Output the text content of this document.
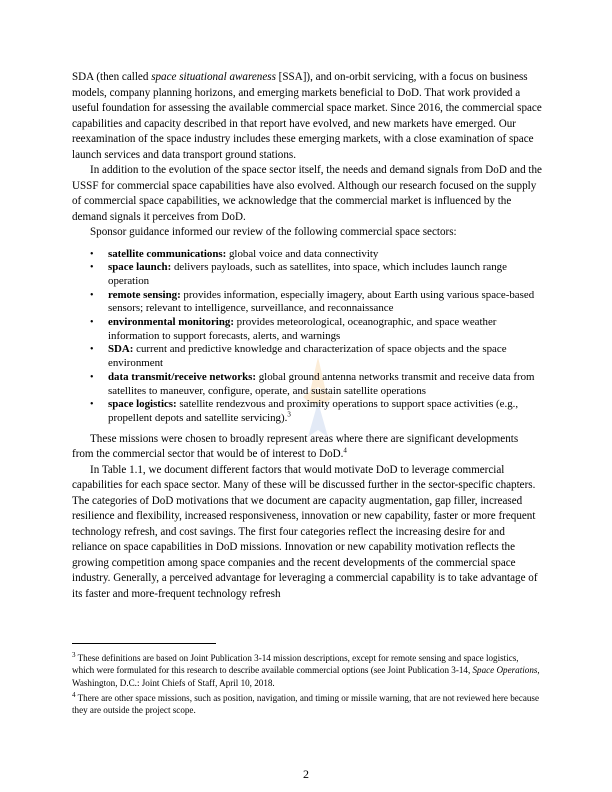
SDA (then called space situational awareness [SSA]), and on-orbit servicing, with a focus on business models, company planning horizons, and emerging markets beneficial to DoD. That work provided a useful foundation for assessing the available commercial space market. Since 2016, the commercial space capabilities and capacity described in that report have evolved, and new markets have emerged. Our reexamination of the space industry includes these emerging markets, with a close examination of space launch services and data transport ground stations.

In addition to the evolution of the space sector itself, the needs and demand signals from DoD and the USSF for commercial space capabilities have also evolved. Although our research focused on the supply of commercial space capabilities, we acknowledge that the commercial market is influenced by the demand signals it perceives from DoD.

Sponsor guidance informed our review of the following commercial space sectors:

• satellite communications: global voice and data connectivity
• space launch: delivers payloads, such as satellites, into space, which includes launch range operation
• remote sensing: provides information, especially imagery, about Earth using various space-based sensors; relevant to intelligence, surveillance, and reconnaissance
• environmental monitoring: provides meteorological, oceanographic, and space weather information to support forecasts, alerts, and warnings
• SDA: current and predictive knowledge and characterization of space objects and the space environment
• data transmit/receive networks: global ground antenna networks transmit and receive data from satellites to maneuver, configure, operate, and sustain satellite operations
• space logistics: satellite rendezvous and proximity operations to support space activities (e.g., propellent depots and satellite servicing).$^3$

These missions were chosen to broadly represent areas where there are significant developments from the commercial sector that would be of interest to DoD.$^4$

In Table 1.1, we document different factors that would motivate DoD to leverage commercial capabilities for each space sector. Many of these will be discussed further in the sector-specific chapters. The categories of DoD motivations that we document are capacity augmentation, gap filler, increased resilience and flexibility, increased responsiveness, innovation or new capability, faster or more frequent technology refresh, and cost savings. The first four categories reflect the increasing desire for and reliance on space capabilities in DoD missions. Innovation or new capability motivation reflects the growing competition among space companies and the recent developments of the commercial space industry. Generally, a perceived advantage for leveraging a commercial capability is to take advantage of its faster and more-frequent technology refresh

$^3$ These definitions are based on Joint Publication 3-14 mission descriptions, except for remote sensing and space logistics, which were formulated for this research to describe available commercial options (see Joint Publication 3-14, Space Operations, Washington, D.C.: Joint Chiefs of Staff, April 10, 2018.

$^4$ There are other space missions, such as position, navigation, and timing or missile warning, that are not reviewed here because they are outside the project scope.

2
